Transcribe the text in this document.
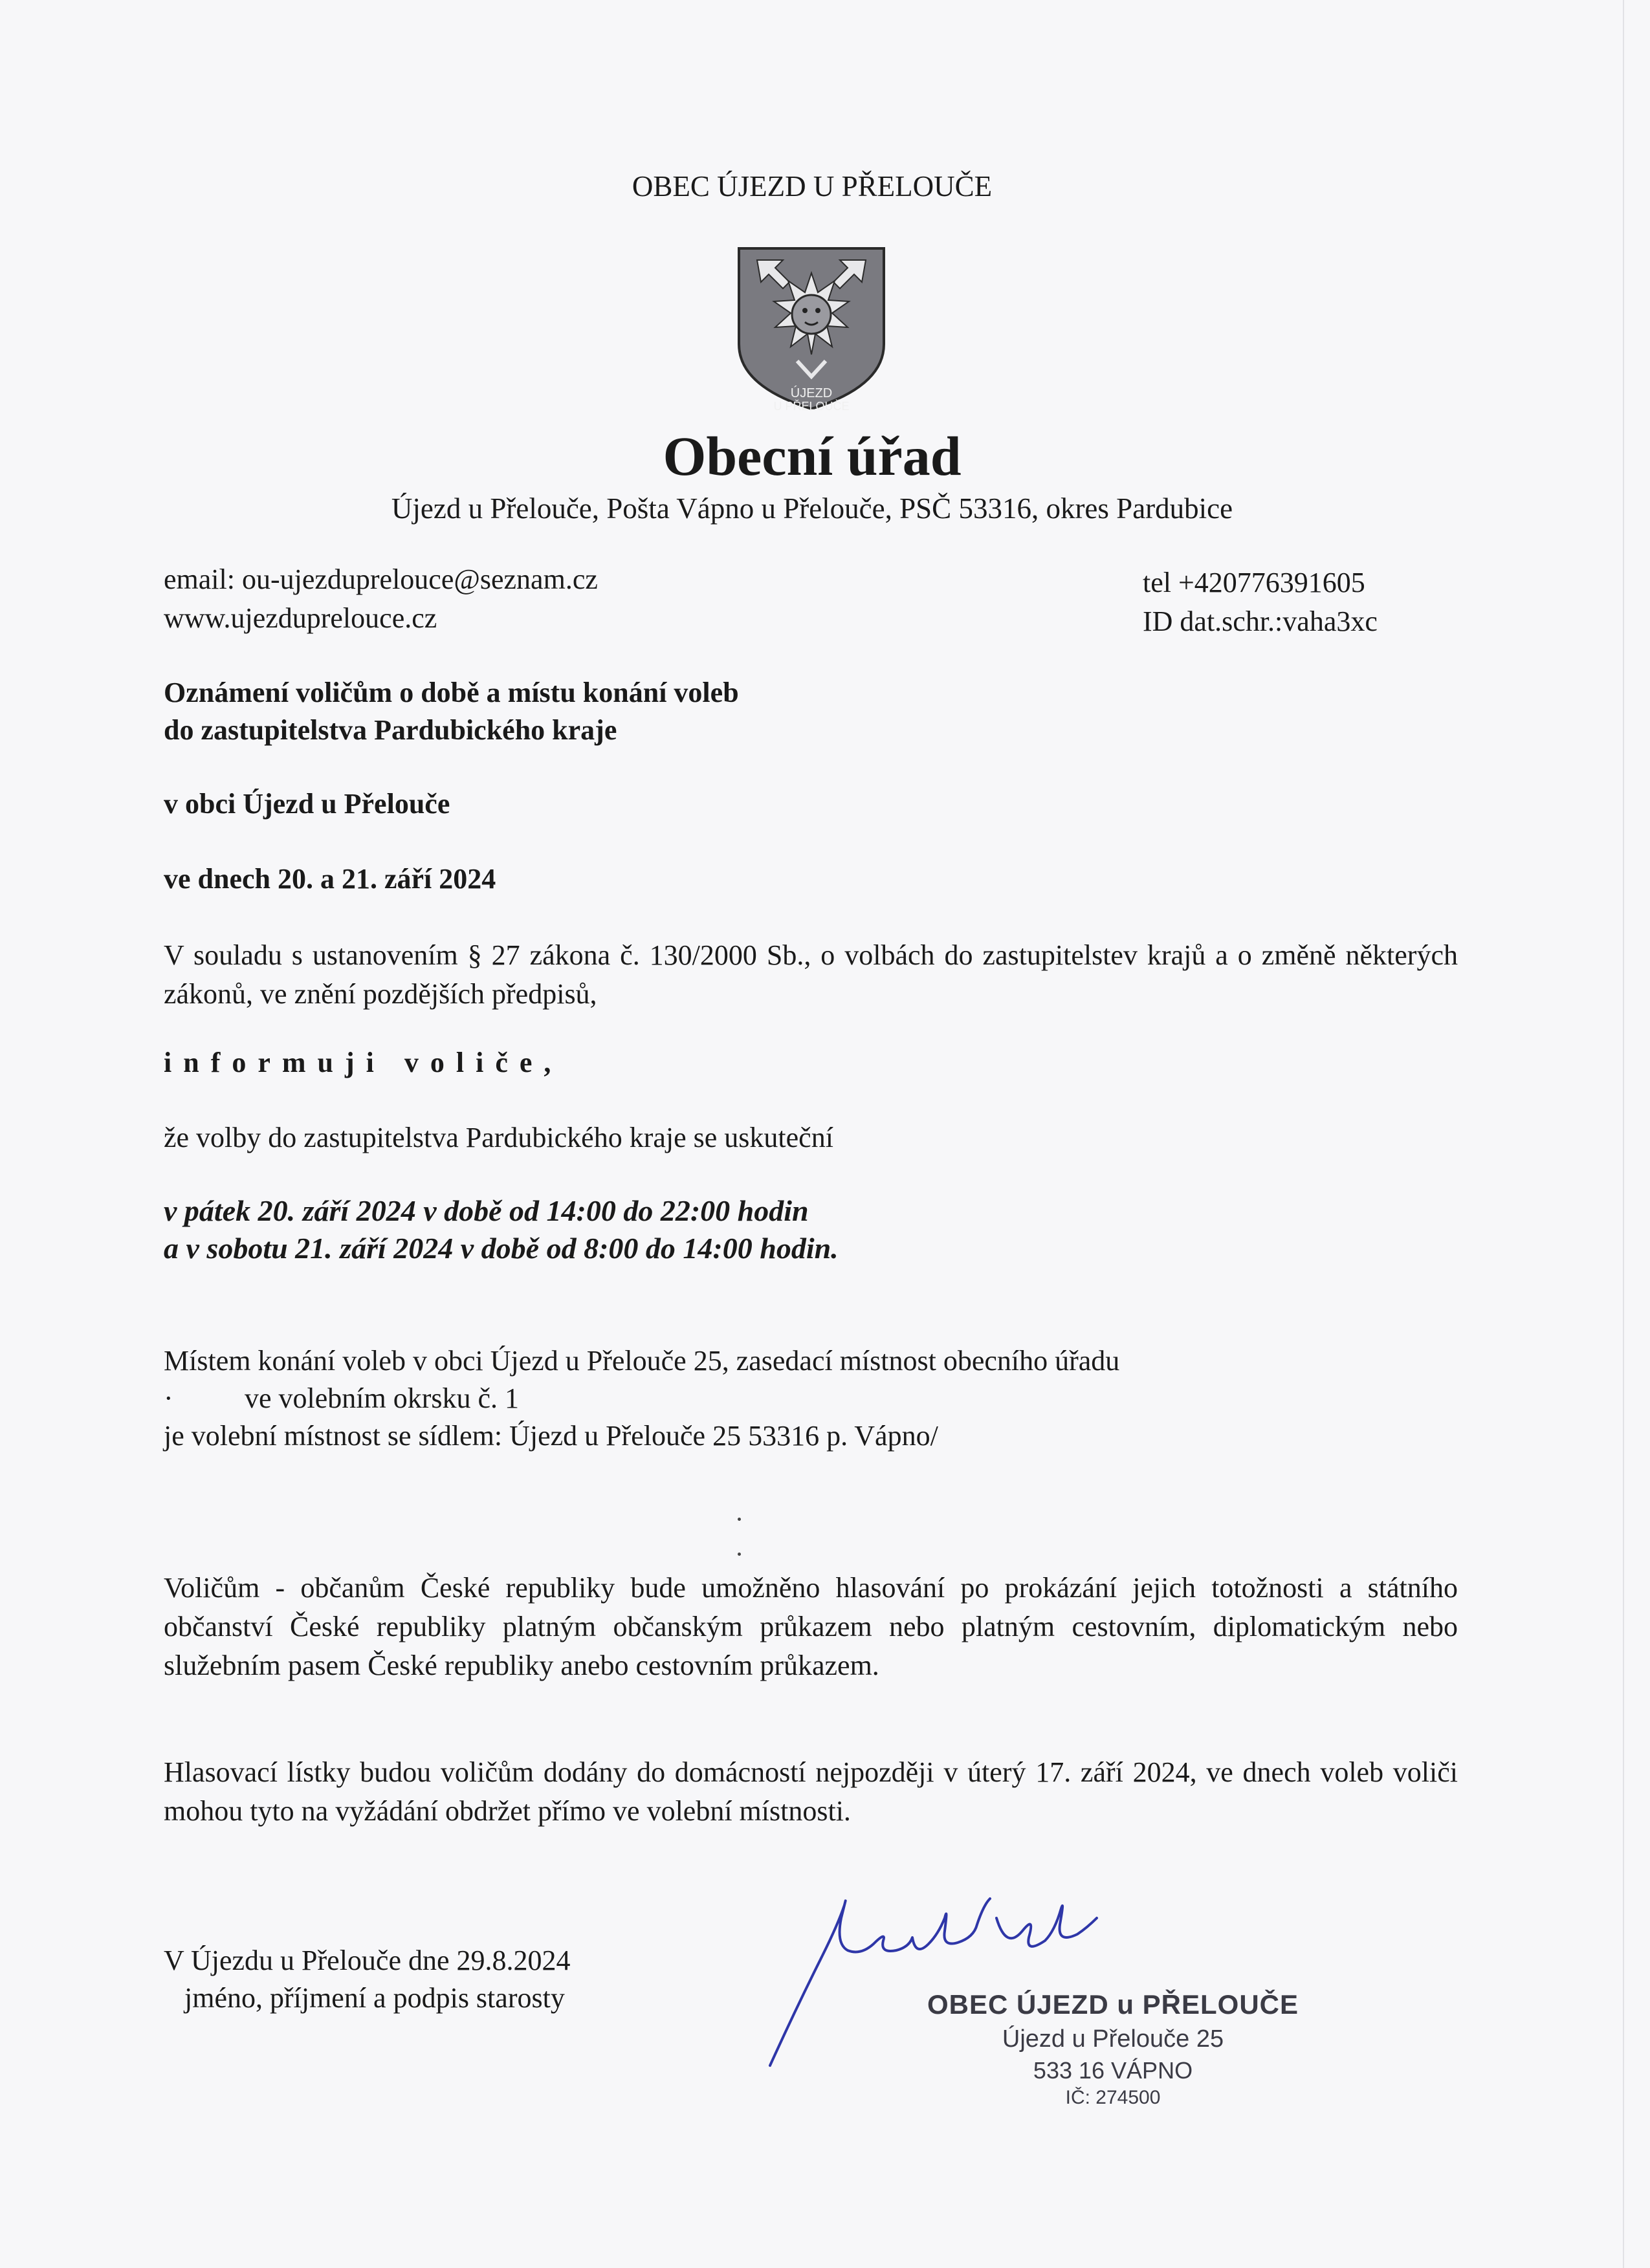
OBEC ÚJEZD U PŘELOUČE

ÚJEZD
U PŘELOUČE
Obecní úřad

Újezd u Přelouče, Pošta Vápno u Přelouče, PSČ 53316, okres Pardubice

email: ou-ujezduprelouce@seznam.cz

www.ujezduprelouce.cz

tel +420776391605

ID dat.schr.:vaha3xc

Oznámení voličům o době a místu konání voleb

do zastupitelstva Pardubického kraje

v obci Újezd u Přelouče

ve dnech 20. a 21. září 2024

V souladu s ustanovením § 27 zákona č. 130/2000 Sb., o volbách do zastupitelstev krajů a o změně některých zákonů, ve znění pozdějších předpisů,

informuji voliče,

že volby do zastupitelstva Pardubického kraje se uskuteční

v pátek 20. září 2024 v době od 14:00 do 22:00 hodin

a v sobotu 21. září 2024 v době od 8:00 do 14:00 hodin.

Místem konání voleb v obci Újezd u Přelouče 25, zasedací místnost obecního úřadu

·	ve volebním okrsku č. 1

je volební místnost se sídlem: Újezd u Přelouče 25 53316 p. Vápno/

Voličům - občanům České republiky bude umožněno hlasování po prokázání jejich totožnosti a státního občanství České republiky platným občanským průkazem nebo platným cestovním, diplomatickým nebo služebním pasem České republiky anebo cestovním průkazem.

Hlasovací lístky budou voličům dodány do domácností nejpozději v úterý 17. září 2024, ve dnech voleb voliči mohou tyto na vyžádání obdržet přímo ve volební místnosti.

V Újezdu u Přelouče dne 29.8.2024

jméno, příjmení a podpis starosty	OBEC ÚJEZD u PŘELOUČE
Újezd u Přelouče 25
533 16 VÁPNO
IČ: 274500
